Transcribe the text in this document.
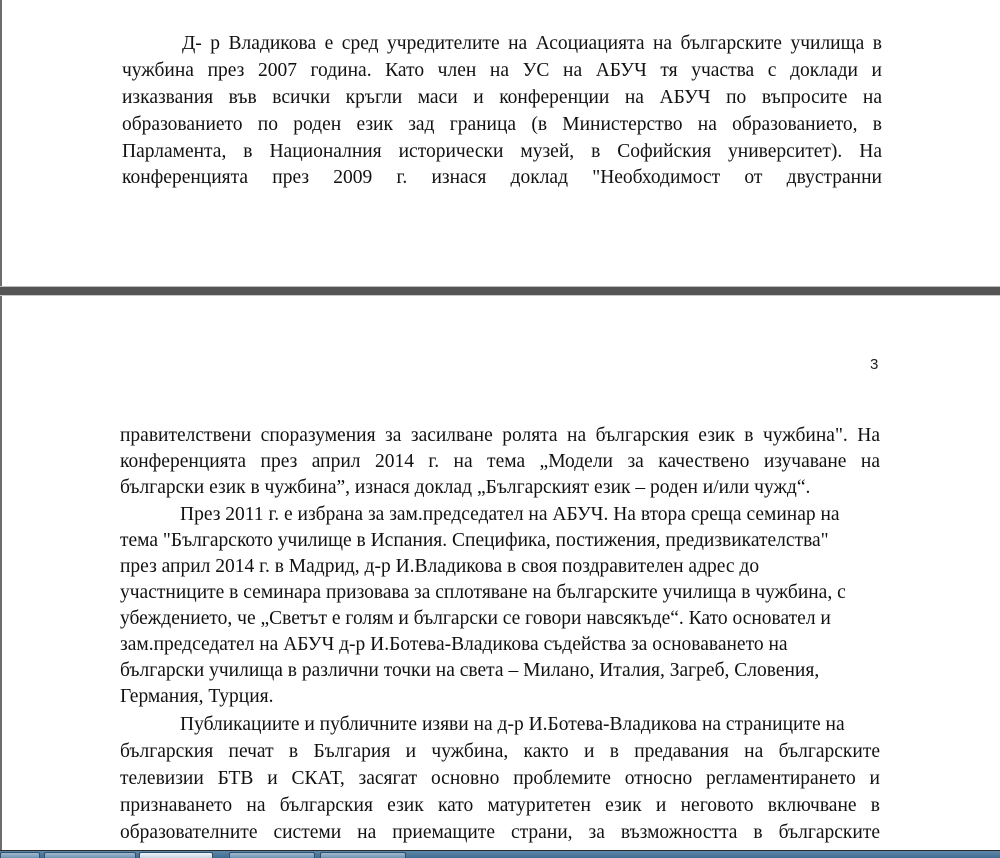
Д- р Владикова е сред учредителите на Асоциацията на българските училища в
чужбина през 2007 година. Като член на УС на АБУЧ тя участва с доклади и
изказвания във всички кръгли маси и конференции на АБУЧ по въпросите на
образованието по роден език зад граница (в Министерство на образованието, в
Парламента, в Националния исторически музей, в Софийския университет). На
конференцията през 2009 г. изнася доклад "Необходимост от двустранни
3
правителствени споразумения за засилване ролята на българския език в чужбина". На
конференцията през април 2014 г. на тема „Модели за качествено изучаване на
български език в чужбина”, изнася доклад „Българският език – роден и/или чужд“.
През 2011 г. е избрана за зам.председател на АБУЧ. На втора среща семинар на
тема "Българското училище в Испания. Специфика, постижения, предизвикателства"
през април 2014 г. в Мадрид, д-р И.Владикова в своя поздравителен адрес до
участниците в семинара призовава за сплотяване на българските училища в чужбина, с
убеждението, че „Светът е голям и български се говори навсякъде“. Като основател и
зам.председател на АБУЧ д-р И.Ботева-Владикова съдейства за основаването на
български училища в различни точки на света – Милано, Италия, Загреб, Словения,
Германия, Турция.
Публикациите и публичните изяви на д-р И.Ботева-Владикова на страниците на
българския печат в България и чужбина, както и в предавания на българските
телевизии БТВ и СКАТ, засягат основно проблемите относно регламентирането и
признаването на българския език като матуритетен език и неговото включване в
образователните системи на приемащите страни, за възможността в българските
